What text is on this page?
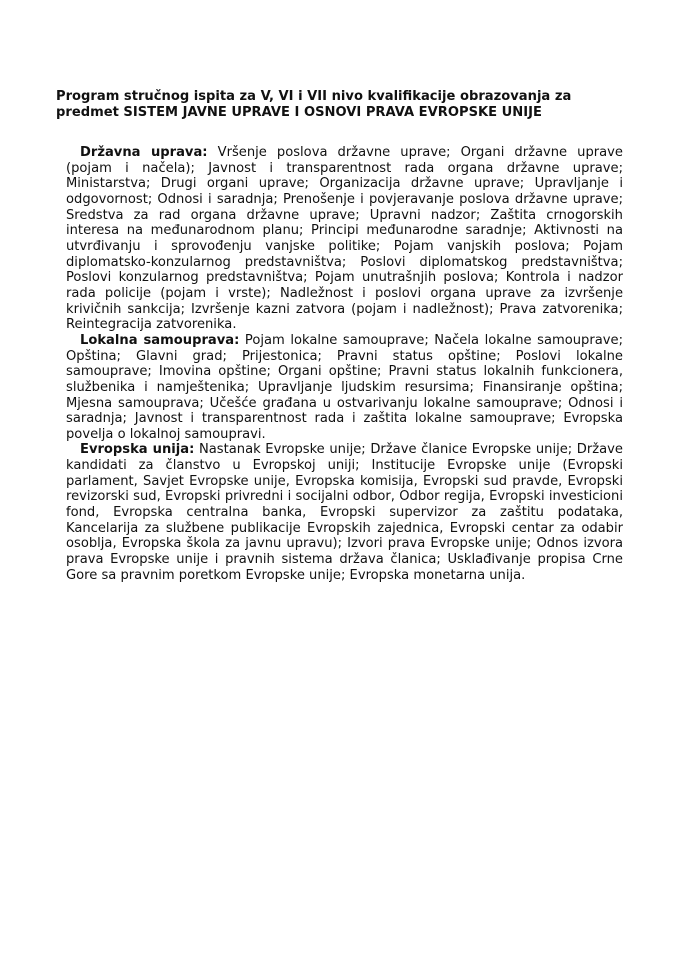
Program stručnog ispita za V, VI i VII nivo kvalifikacije obrazovanja za
predmet SISTEM JAVNE UPRAVE I OSNOVI PRAVA EVROPSKE UNIJE

Državna uprava: Vršenje poslova državne uprave; Organi državne uprave (pojam i načela); Javnost i transparentnost rada organa državne uprave; Ministarstva; Drugi organi uprave; Organizacija državne uprave; Upravljanje i odgovornost; Odnosi i saradnja; Prenošenje i povjeravanje poslova državne uprave; Sredstva za rad organa državne uprave; Upravni nadzor; Zaštita crnogorskih interesa na međunarodnom planu; Principi međunarodne saradnje; Aktivnosti na utvrđivanju i sprovođenju vanjske politike; Pojam vanjskih poslova; Pojam diplomatsko-konzularnog predstavništva; Poslovi diplomatskog predstavništva; Poslovi konzularnog predstavništva; Pojam unutrašnjih poslova; Kontrola i nadzor rada policije (pojam i vrste); Nadležnost i poslovi organa uprave za izvršenje krivičnih sankcija; Izvršenje kazni zatvora (pojam i nadležnost); Prava zatvorenika; Reintegracija zatvorenika.

Lokalna samouprava: Pojam lokalne samouprave; Načela lokalne samouprave; Opština; Glavni grad; Prijestonica; Pravni status opštine; Poslovi lokalne samouprave; Imovina opštine; Organi opštine; Pravni status lokalnih funkcionera, službenika i namještenika; Upravljanje ljudskim resursima; Finansiranje opština; Mjesna samouprava; Učešće građana u ostvarivanju lokalne samouprave; Odnosi i saradnja; Javnost i transparentnost rada i zaštita lokalne samouprave; Evropska povelja o lokalnoj samoupravi.

Evropska unija: Nastanak Evropske unije; Države članice Evropske unije; Države kandidati za članstvo u Evropskoj uniji; Institucije Evropske unije (Evropski parlament, Savjet Evropske unije, Evropska komisija, Evropski sud pravde, Evropski revizorski sud, Evropski privredni i socijalni odbor, Odbor regija, Evropski investicioni fond, Evropska centralna banka, Evropski supervizor za zaštitu podataka, Kancelarija za službene publikacije Evropskih zajednica, Evropski centar za odabir osoblja, Evropska škola za javnu upravu); Izvori prava Evropske unije; Odnos izvora prava Evropske unije i pravnih sistema država članica; Usklađivanje propisa Crne Gore sa pravnim poretkom Evropske unije; Evropska monetarna unija.
